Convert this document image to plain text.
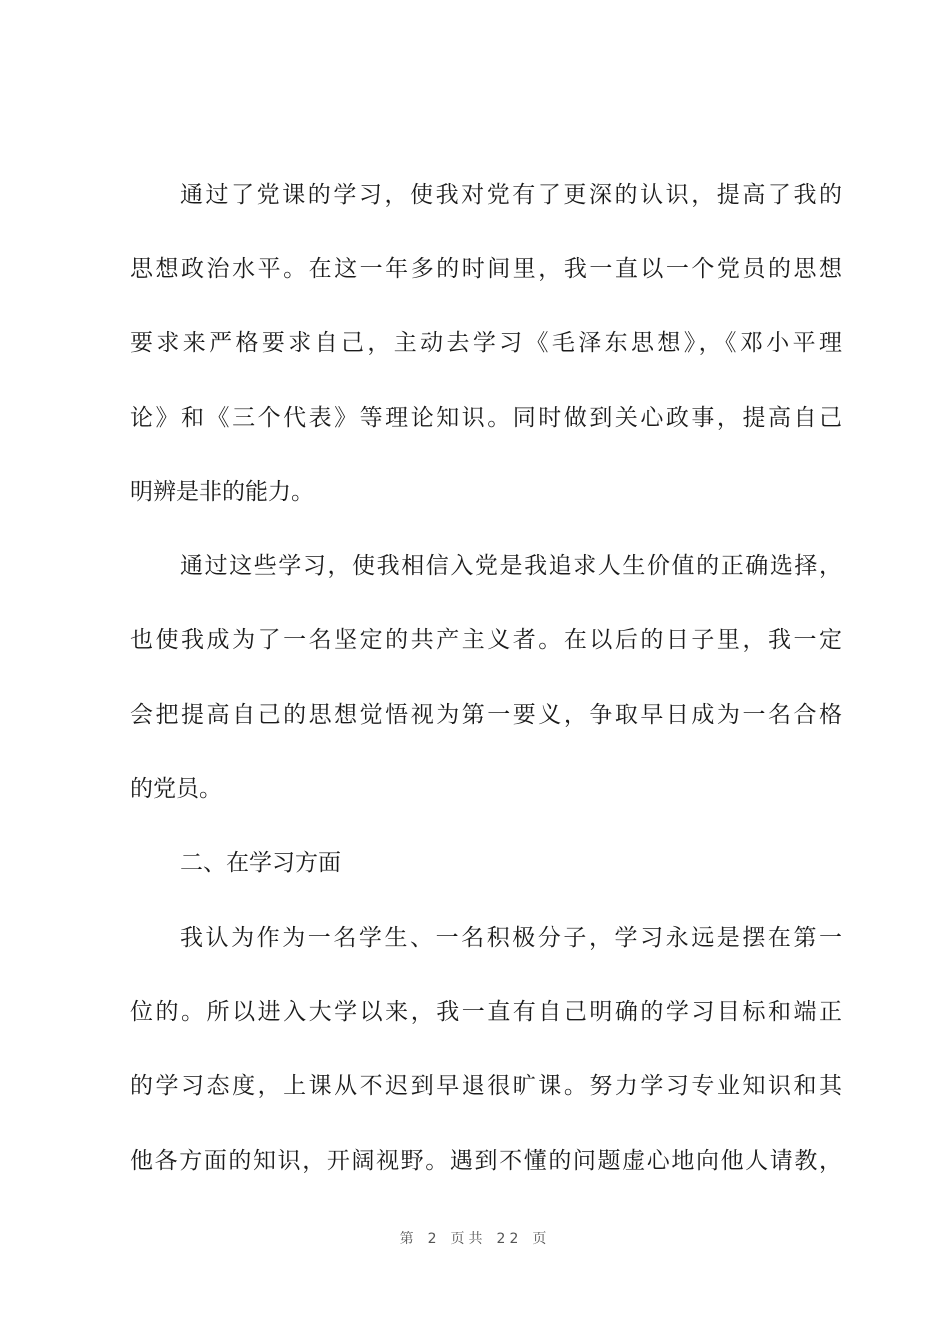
通过了党课的学习，使我对党有了更深的认识，提高了我的
思想政治水平。在这一年多的时间里，我一直以一个党员的思想
要求来严格要求自己，主动去学习《毛泽东思想》，《邓小平理
论》和《三个代表》等理论知识。同时做到关心政事，提高自己
明辨是非的能力。
通过这些学习，使我相信入党是我追求人生价值的正确选择，
也使我成为了一名坚定的共产主义者。在以后的日子里，我一定
会把提高自己的思想觉悟视为第一要义，争取早日成为一名合格
的党员。
二、在学习方面
我认为作为一名学生、一名积极分子，学习永远是摆在第一
位的。所以进入大学以来，我一直有自己明确的学习目标和端正
的学习态度，上课从不迟到早退很旷课。努力学习专业知识和其
他各方面的知识，开阔视野。遇到不懂的问题虚心地向他人请教，
第 2 页共 22 页
